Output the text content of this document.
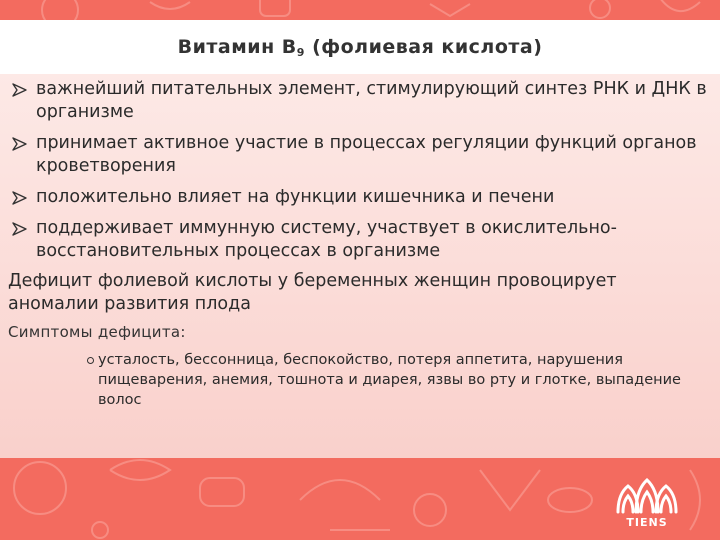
Витамин $В_9$ (фолиевая кислота)
важнейший питательных элемент, стимулирующий синтез РНК и ДНК в организме
принимает активное участие в процессах регуляции функций органов кроветворения
положительно влияет на функции кишечника и печени
поддерживает иммунную систему, участвует в окислительно-восстановительных процессах в организме

Дефицит фолиевой кислоты у беременных женщин провоцирует аномалии развития плода

Симптомы дефицита:
усталость, бессонница, беспокойство, потеря аппетита, нарушения пищеварения, анемия, тошнота и диарея, язвы во рту и глотке, выпадение волос
TIENS
